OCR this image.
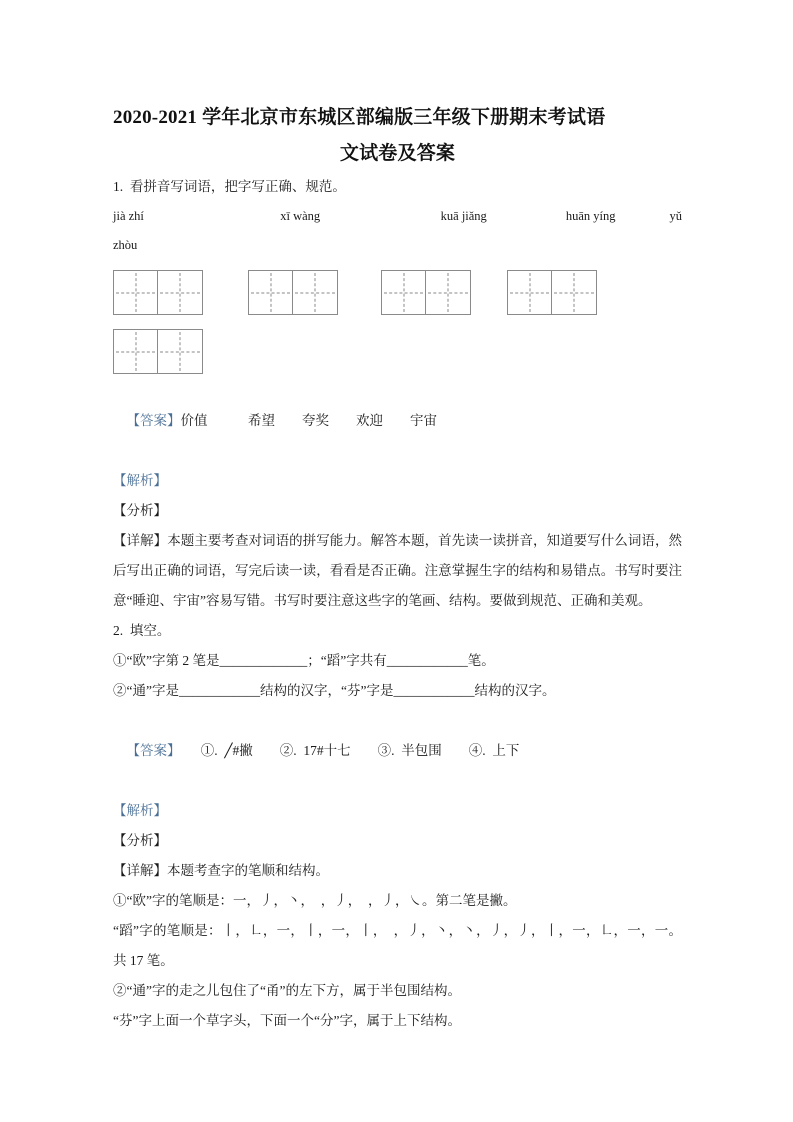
2020-2021 学年北京市东城区部编版三年级下册期末考试语
文试卷及答案

1.  看拼音写词语，把字写正确、规范。

jià zhí	xī wàng	kuā jiǎng	huān yíng	yǔ
zhòu

【答案】价值　　　希望　　夸奖　　欢迎　　宇宙

【解析】

【分析】

【详解】本题主要考查对词语的拼写能力。解答本题，首先读一读拼音，知道要写什么词语，然后写出正确的词语，写完后读一读，看看是否正确。注意掌握生字的结构和易错点。书写时要注意“睡迎、宇宙”容易写错。书写时要注意这些字的笔画、结构。要做到规范、正确和美观。

2.  填空。

①“欧”字第 2 笔是_____________；“蹈”字共有____________笔。

②“通”字是____________结构的汉字，“芬”字是____________结构的汉字。

【答案】　　①.  ╱#撇　　②.  17#十七　　③.  半包围　　④.  上下

【解析】

【分析】

【详解】本题考查字的笔顺和结构。

①“欧”字的笔顺是：一，丿，丶，　，丿，　，丿，㇏。第二笔是撇。

“蹈”字的笔顺是：丨，㇗，一，丨，一，丨，　，丿，丶，丶，丿，丿，丨，一，㇗，一，一。共 17 笔。

②“通”字的走之儿包住了“甬”的左下方，属于半包围结构。

“芬”字上面一个草字头，下面一个“分”字，属于上下结构。
